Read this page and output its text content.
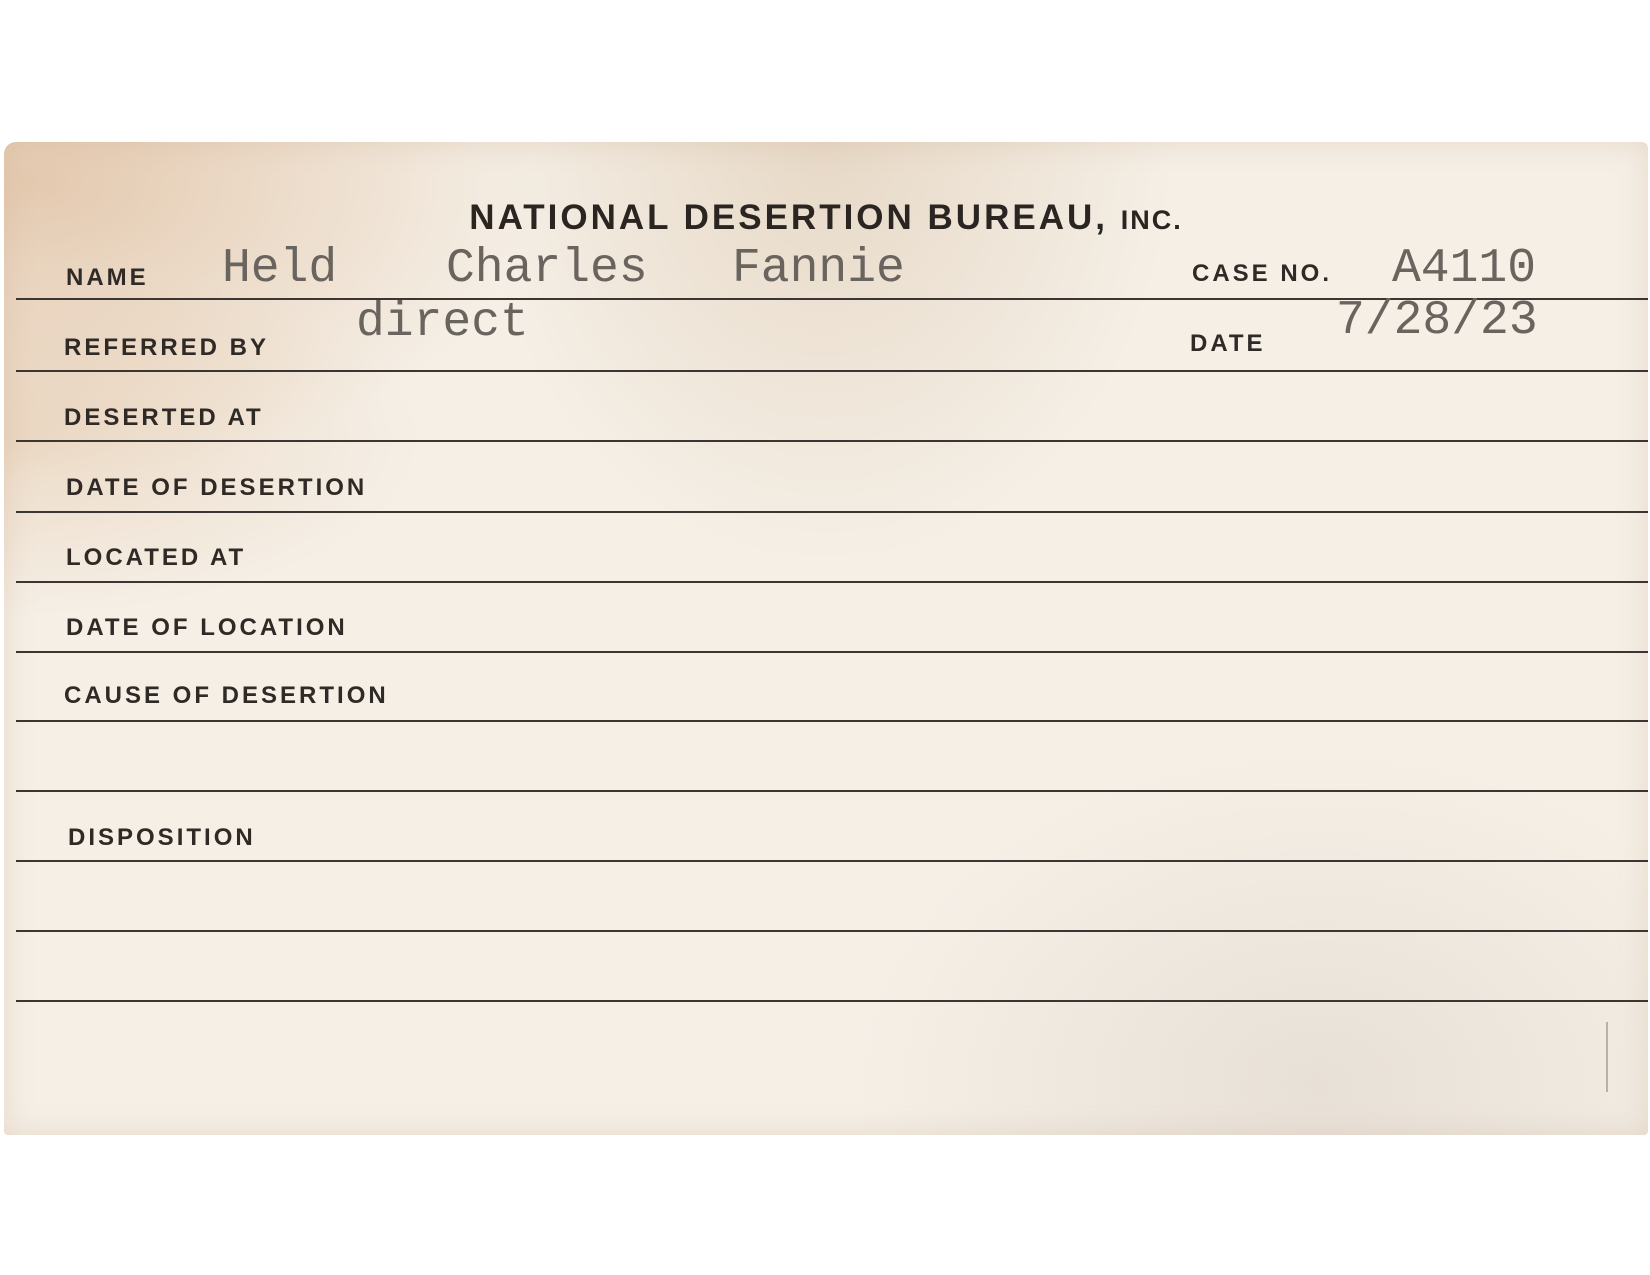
NATIONAL DESERTION BUREAU, INC.
NAME Held Charles Fannie	CASE NO. A4110
REFERRED BY direct	DATE 7/28/23
DESERTED AT
DATE OF DESERTION
LOCATED AT
DATE OF LOCATION
CAUSE OF DESERTION
DISPOSITION
